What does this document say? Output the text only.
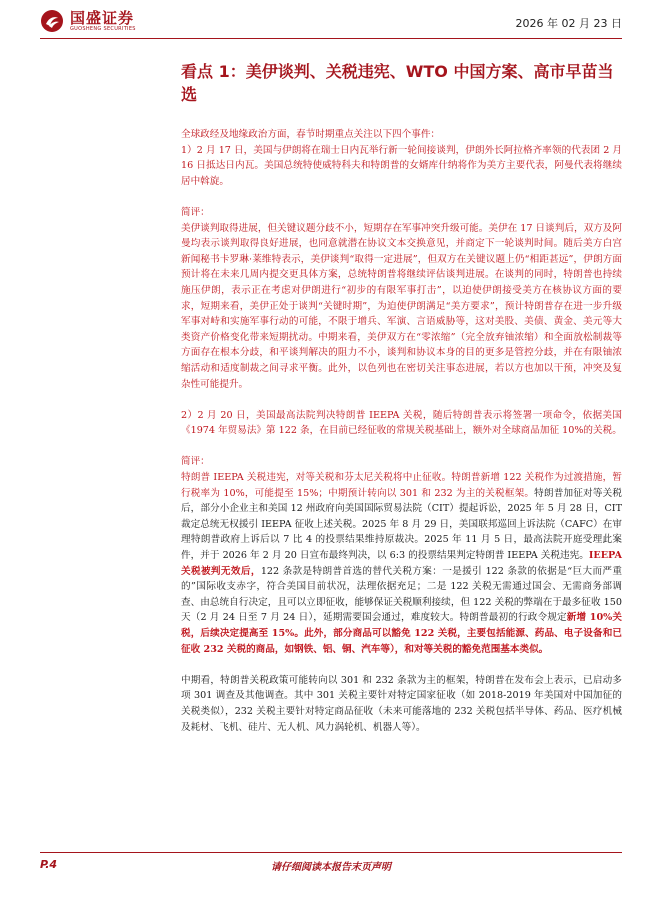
国盛证券
GUOSHENG SECURITIES	2026 年 02 月 23 日
看点 1：美伊谈判、关税违宪、WTO 中国方案、高市早苗当选

全球政经及地缘政治方面，春节时期重点关注以下四个事件：

1）2 月 17 日，美国与伊朗将在瑞士日内瓦举行新一轮间接谈判，伊朗外长阿拉格齐率领的代表团 2 月 16 日抵达日内瓦。美国总统特使威特科夫和特朗普的女婿库什纳将作为美方主要代表，阿曼代表将继续居中斡旋。

简评：

美伊谈判取得进展，但关键议题分歧不小，短期存在军事冲突升级可能。美伊在 17 日谈判后，双方及阿曼均表示谈判取得良好进展，也同意就潜在协议文本交换意见，并商定下一轮谈判时间。随后美方白宫新闻秘书卡罗琳·莱维特表示，美伊谈判“取得一定进展”，但双方在关键议题上仍“相距甚远”，伊朗方面预计将在未来几周内提交更具体方案，总统特朗普将继续评估谈判进展。在谈判的同时，特朗普也持续施压伊朗，表示正在考虑对伊朗进行“初步的有限军事打击”，以迫使伊朗接受美方在核协议方面的要求，短期来看，美伊正处于谈判“关键时期”，为迫使伊朗满足“美方要求”，预计特朗普存在进一步升级军事对峙和实施军事行动的可能，不限于增兵、军演、言语威胁等，这对美股、美债、黄金、美元等大类资产价格变化带来短期扰动。中期来看，美伊双方在“零浓缩”（完全放弃铀浓缩）和全面放松制裁等方面存在根本分歧，和平谈判解决的阻力不小，谈判和协议本身的目的更多是管控分歧，并在有限铀浓缩活动和适度制裁之间寻求平衡。此外，以色列也在密切关注事态进展，若以方也加以干预，冲突及复杂性可能提升。

2）2 月 20 日，美国最高法院判决特朗普 IEEPA 关税，随后特朗普表示将签署一项命令，依据美国《1974 年贸易法》第 122 条，在目前已经征收的常规关税基础上，额外对全球商品加征 10%的关税。

简评：

特朗普 IEEPA 关税违宪，对等关税和芬太尼关税将中止征收。特朗普新增 122 关税作为过渡措施，暂行税率为 10%，可能提至 15%；中期预计转向以 301 和 232 为主的关税框架。特朗普加征对等关税后，部分小企业主和美国 12 州政府向美国国际贸易法院（CIT）提起诉讼，2025 年 5 月 28 日，CIT 裁定总统无权援引 IEEPA 征收上述关税。2025 年 8 月 29 日，美国联邦巡回上诉法院（CAFC）在审理特朗普政府上诉后以 7 比 4 的投票结果维持原裁决。2025 年 11 月 5 日，最高法院开庭受理此案件，并于 2026 年 2 月 20 日宣布最终判决，以 6:3 的投票结果判定特朗普 IEEPA 关税违宪。IEEPA 关税被判无效后，122 条款是特朗普首选的替代关税方案：一是援引 122 条款的依据是“巨大而严重的”国际收支赤字，符合美国目前状况，法理依据充足；二是 122 关税无需通过国会、无需商务部调查、由总统自行决定，且可以立即征收，能够保证关税顺利接续，但 122 关税的弊端在于最多征收 150 天（2 月 24 日至 7 月 24 日），延期需要国会通过，难度较大。特朗普最初的行政令规定新增 10%关税，后续决定提高至 15%。此外，部分商品可以豁免 122 关税，主要包括能源、药品、电子设备和已征收 232 关税的商品，如钢铁、铝、铜、汽车等），和对等关税的豁免范围基本类似。

中期看，特朗普关税政策可能转向以 301 和 232 条款为主的框架，特朗普在发布会上表示，已启动多项 301 调查及其他调查。其中 301 关税主要针对特定国家征收（如 2018-2019 年美国对中国加征的关税类似），232 关税主要针对特定商品征收（未来可能落地的 232 关税包括半导体、药品、医疗机械及耗材、飞机、硅片、无人机、风力涡轮机、机器人等）。

P.4	请仔细阅读本报告末页声明
